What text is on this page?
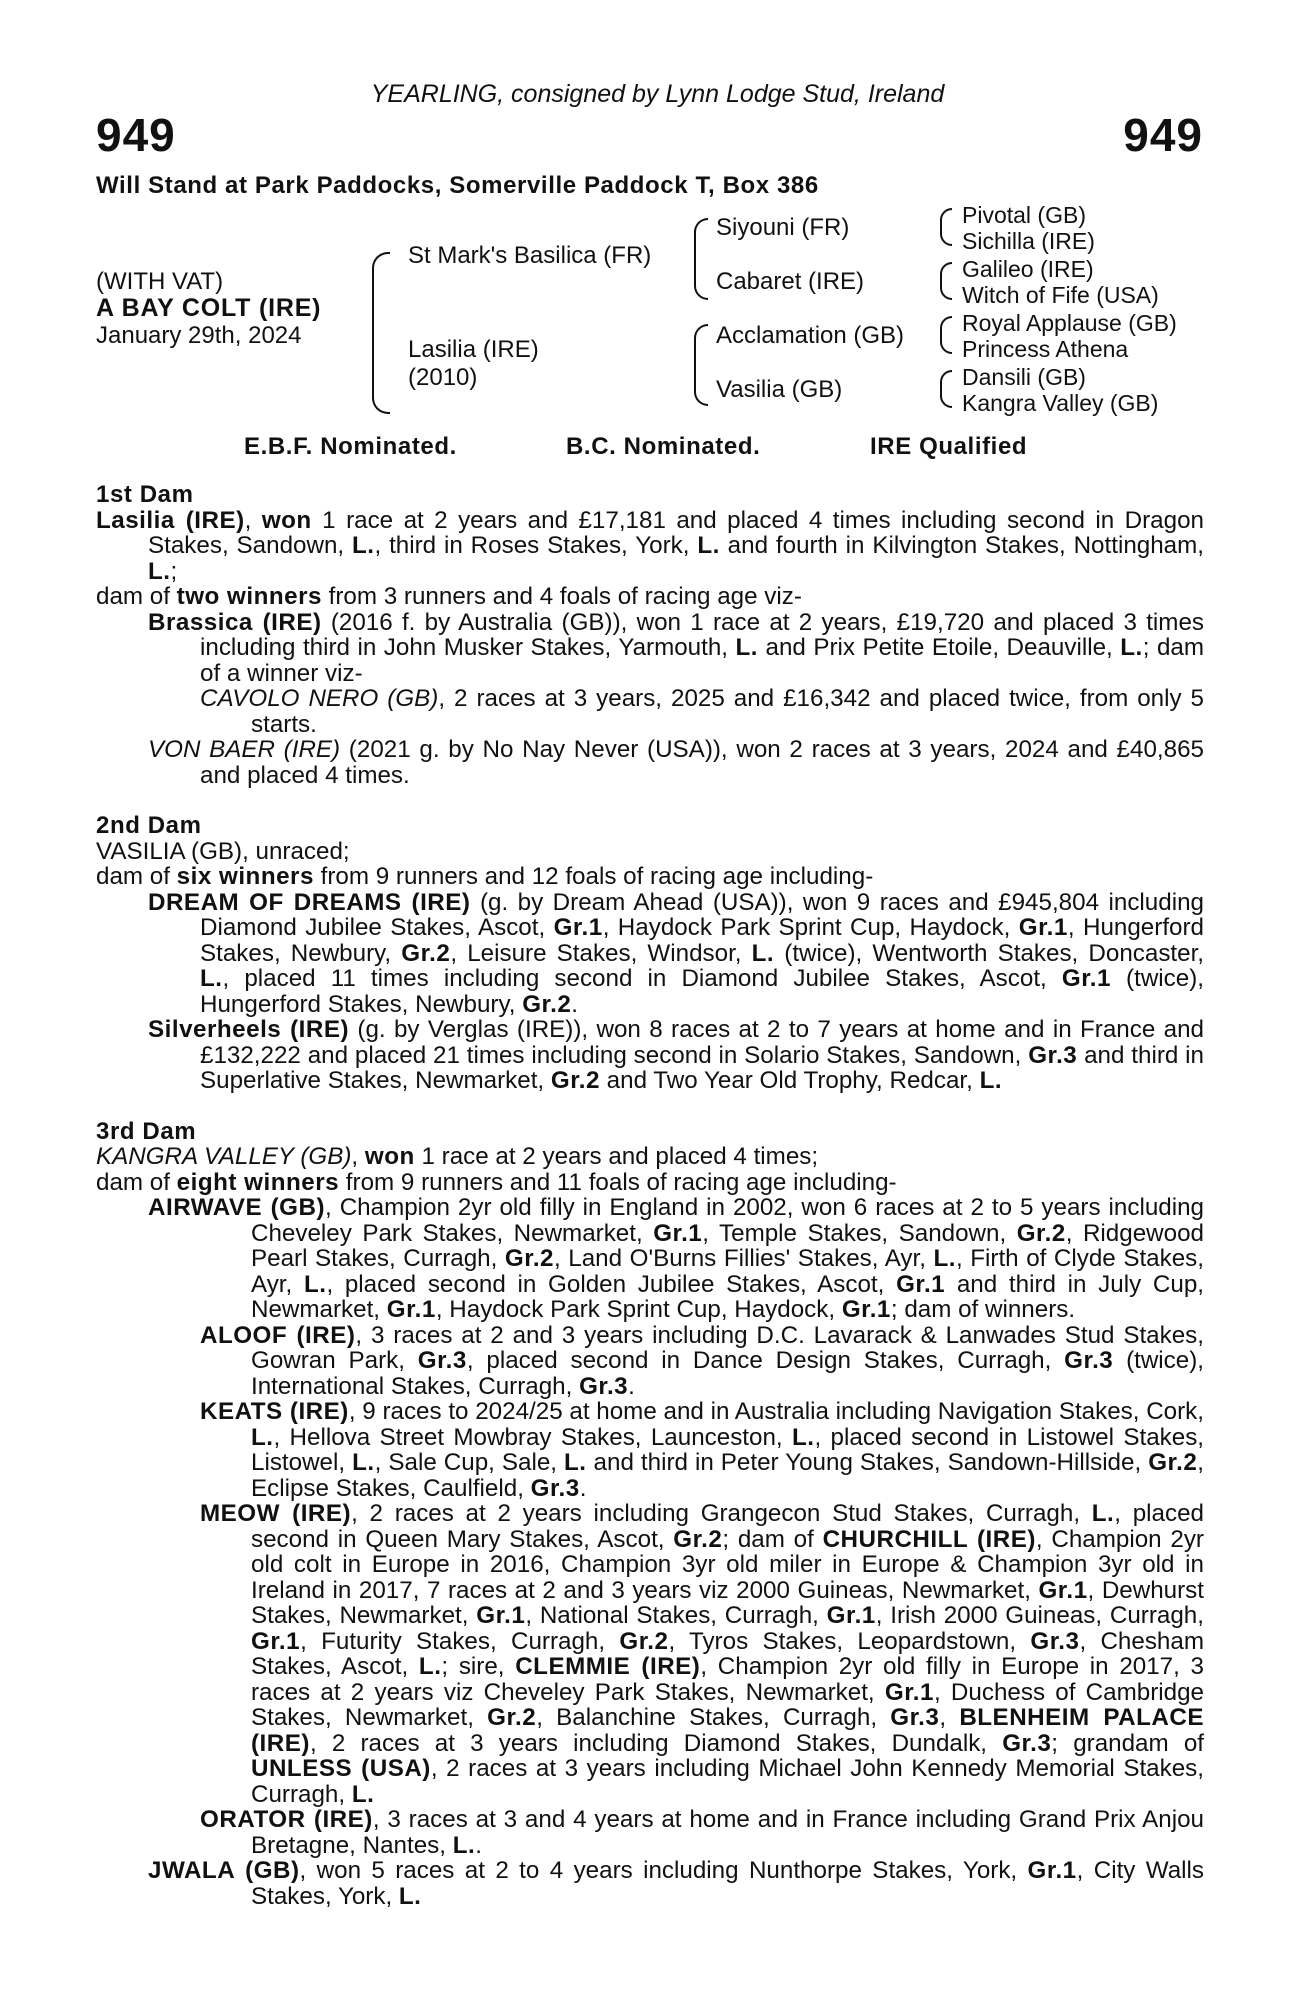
YEARLING, consigned by Lynn Lodge Stud, Ireland
949	949
Will Stand at Park Paddocks, Somerville Paddock T, Box 386
(WITH VAT)
A BAY COLT (IRE)
January 29th, 2024
St Mark's Basilica (FR)
Lasilia (IRE)
(2010)
Siyouni (FR)
Cabaret (IRE)
Acclamation (GB)
Vasilia (GB)
Pivotal (GB)
Sichilla (IRE)
Galileo (IRE)
Witch of Fife (USA)
Royal Applause (GB)
Princess Athena
Dansili (GB)
Kangra Valley (GB)
E.B.F. Nominated.	B.C. Nominated.	IRE Qualified
1st Dam

Lasilia (IRE), won 1 race at 2 years and £17,181 and placed 4 times including second in Dragon Stakes, Sandown, L., third in Roses Stakes, York, L. and fourth in Kilvington Stakes, Nottingham, L.;

dam of two winners from 3 runners and 4 foals of racing age viz-

Brassica (IRE) (2016 f. by Australia (GB)), won 1 race at 2 years, £19,720 and placed 3 times including third in John Musker Stakes, Yarmouth, L. and Prix Petite Etoile, Deauville, L.; dam of a winner viz-

CAVOLO NERO (GB), 2 races at 3 years, 2025 and £16,342 and placed twice, from only 5 starts.

VON BAER (IRE) (2021 g. by No Nay Never (USA)), won 2 races at 3 years, 2024 and £40,865 and placed 4 times.

2nd Dam

VASILIA (GB), unraced;

dam of six winners from 9 runners and 12 foals of racing age including-

DREAM OF DREAMS (IRE) (g. by Dream Ahead (USA)), won 9 races and £945,804 including Diamond Jubilee Stakes, Ascot, Gr.1, Haydock Park Sprint Cup, Haydock, Gr.1, Hungerford Stakes, Newbury, Gr.2, Leisure Stakes, Windsor, L. (twice), Wentworth Stakes, Doncaster, L., placed 11 times including second in Diamond Jubilee Stakes, Ascot, Gr.1 (twice), Hungerford Stakes, Newbury, Gr.2.

Silverheels (IRE) (g. by Verglas (IRE)), won 8 races at 2 to 7 years at home and in France and £132,222 and placed 21 times including second in Solario Stakes, Sandown, Gr.3 and third in Superlative Stakes, Newmarket, Gr.2 and Two Year Old Trophy, Redcar, L.

3rd Dam

KANGRA VALLEY (GB), won 1 race at 2 years and placed 4 times;

dam of eight winners from 9 runners and 11 foals of racing age including-

AIRWAVE (GB), Champion 2yr old filly in England in 2002, won 6 races at 2 to 5 years including Cheveley Park Stakes, Newmarket, Gr.1, Temple Stakes, Sandown, Gr.2, Ridgewood Pearl Stakes, Curragh, Gr.2, Land O'Burns Fillies' Stakes, Ayr, L., Firth of Clyde Stakes, Ayr, L., placed second in Golden Jubilee Stakes, Ascot, Gr.1 and third in July Cup, Newmarket, Gr.1, Haydock Park Sprint Cup, Haydock, Gr.1; dam of winners.

ALOOF (IRE), 3 races at 2 and 3 years including D.C. Lavarack & Lanwades Stud Stakes, Gowran Park, Gr.3, placed second in Dance Design Stakes, Curragh, Gr.3 (twice), International Stakes, Curragh, Gr.3.

KEATS (IRE), 9 races to 2024/25 at home and in Australia including Navigation Stakes, Cork, L., Hellova Street Mowbray Stakes, Launceston, L., placed second in Listowel Stakes, Listowel, L., Sale Cup, Sale, L. and third in Peter Young Stakes, Sandown-Hillside, Gr.2, Eclipse Stakes, Caulfield, Gr.3.

MEOW (IRE), 2 races at 2 years including Grangecon Stud Stakes, Curragh, L., placed second in Queen Mary Stakes, Ascot, Gr.2; dam of CHURCHILL (IRE), Champion 2yr old colt in Europe in 2016, Champion 3yr old miler in Europe & Champion 3yr old in Ireland in 2017, 7 races at 2 and 3 years viz 2000 Guineas, Newmarket, Gr.1, Dewhurst Stakes, Newmarket, Gr.1, National Stakes, Curragh, Gr.1, Irish 2000 Guineas, Curragh, Gr.1, Futurity Stakes, Curragh, Gr.2, Tyros Stakes, Leopardstown, Gr.3, Chesham Stakes, Ascot, L.; sire, CLEMMIE (IRE), Champion 2yr old filly in Europe in 2017, 3 races at 2 years viz Cheveley Park Stakes, Newmarket, Gr.1, Duchess of Cambridge Stakes, Newmarket, Gr.2, Balanchine Stakes, Curragh, Gr.3, BLENHEIM PALACE (IRE), 2 races at 3 years including Diamond Stakes, Dundalk, Gr.3; grandam of UNLESS (USA), 2 races at 3 years including Michael John Kennedy Memorial Stakes, Curragh, L.

ORATOR (IRE), 3 races at 3 and 4 years at home and in France including Grand Prix Anjou Bretagne, Nantes, L..

JWALA (GB), won 5 races at 2 to 4 years including Nunthorpe Stakes, York, Gr.1, City Walls Stakes, York, L.
